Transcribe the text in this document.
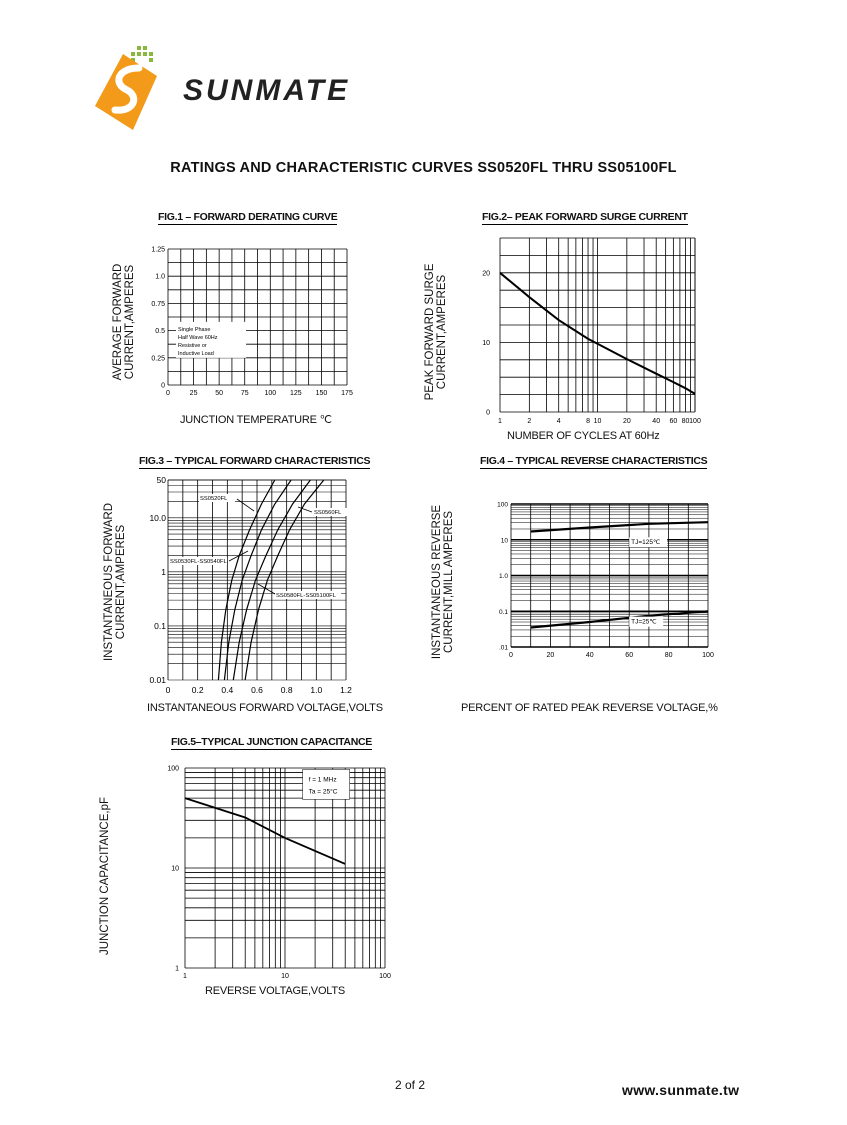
SUNMATE
RATINGS AND CHARACTERISTIC CURVES SS0520FL THRU SS05100FL
FIG.1 – FORWARD DERATING CURVE
AVERAGE FORWARD CURRENT,AMPERES	Single Phase
Half Wave 60Hz
Resistive or
Inductive Load
0
0.25
0.5
0.75
1.0
1.25
0	25	50	75 100 125 150 175
JUNCTION TEMPERATURE ℃
FIG.2– PEAK FORWARD SURGE CURRENT
PEAK FORWARD SURGE CURRENT,AMPERES
0
10
20
1	2	4	8 10	20	40 60 80 100
NUMBER OF CYCLES AT 60Hz
FIG.3 – TYPICAL FORWARD CHARACTERISTICS
INSTANTANEOUS FORWARD CURRENT,AMPERES
SS0520FL
SS0530FL-SS0540FL
SS0560FL
SS0580FL-SS05100FL
0.01
0.1
1
10.0
50
0	0.2 0.4 0.6 0.8 1.0 1.2
INSTANTANEOUS FORWARD VOLTAGE,VOLTS
FIG.4 – TYPICAL REVERSE CHARACTERISTICS
INSTANTANEOUS REVERSE CURRENT,MILL AMPERES	TJ=125℃
TJ=25℃
.01
0.1
1.0
10
100
0	20	40	60	80	100
PERCENT OF RATED PEAK REVERSE VOLTAGE,%
FIG.5–TYPICAL JUNCTION CAPACITANCE
JUNCTION CAPACITANCE,pF
f = 1 MHz
Ta = 25°C
1
10
100
1	10	100
REVERSE VOLTAGE,VOLTS
2 of 2	www.sunmate.tw
